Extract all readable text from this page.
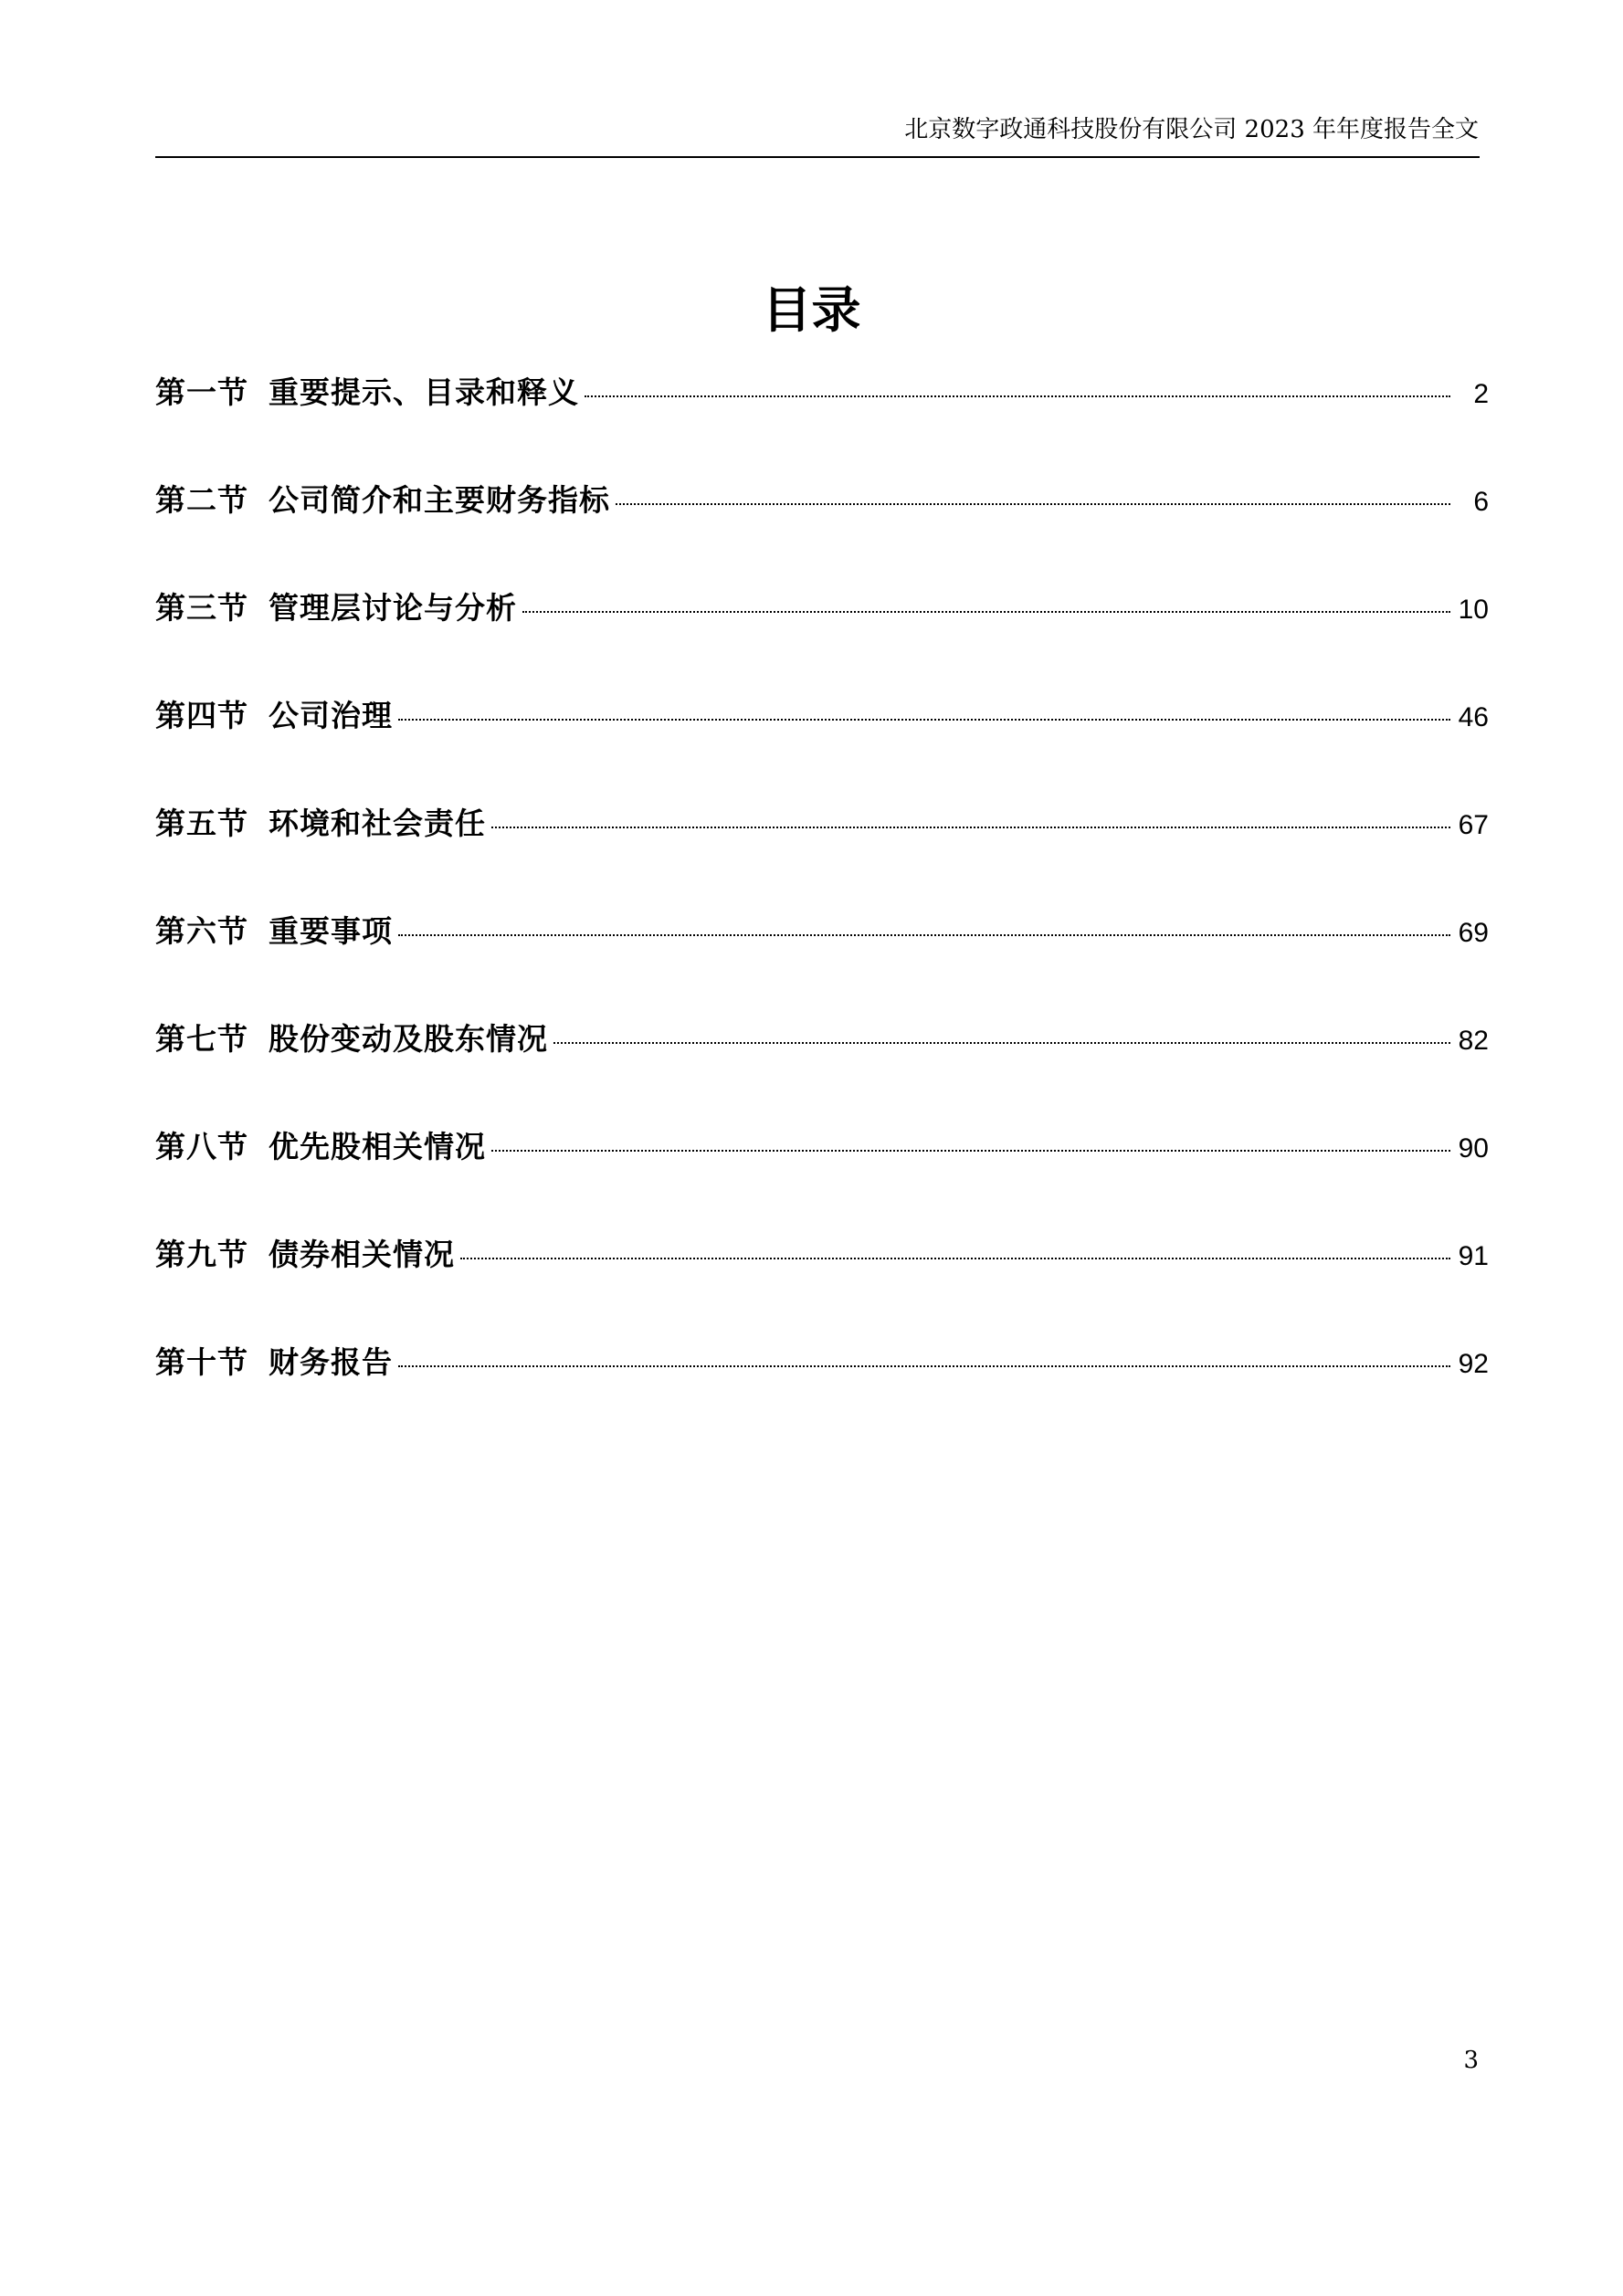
北京数字政通科技股份有限公司 2023 年年度报告全文
目录
第一节 重要提示、目录和释义	2
第二节 公司简介和主要财务指标	6
第三节 管理层讨论与分析	10
第四节 公司治理	46
第五节 环境和社会责任	67
第六节 重要事项	69
第七节 股份变动及股东情况	82
第八节 优先股相关情况	90
第九节 债券相关情况	91
第十节 财务报告	92
3
